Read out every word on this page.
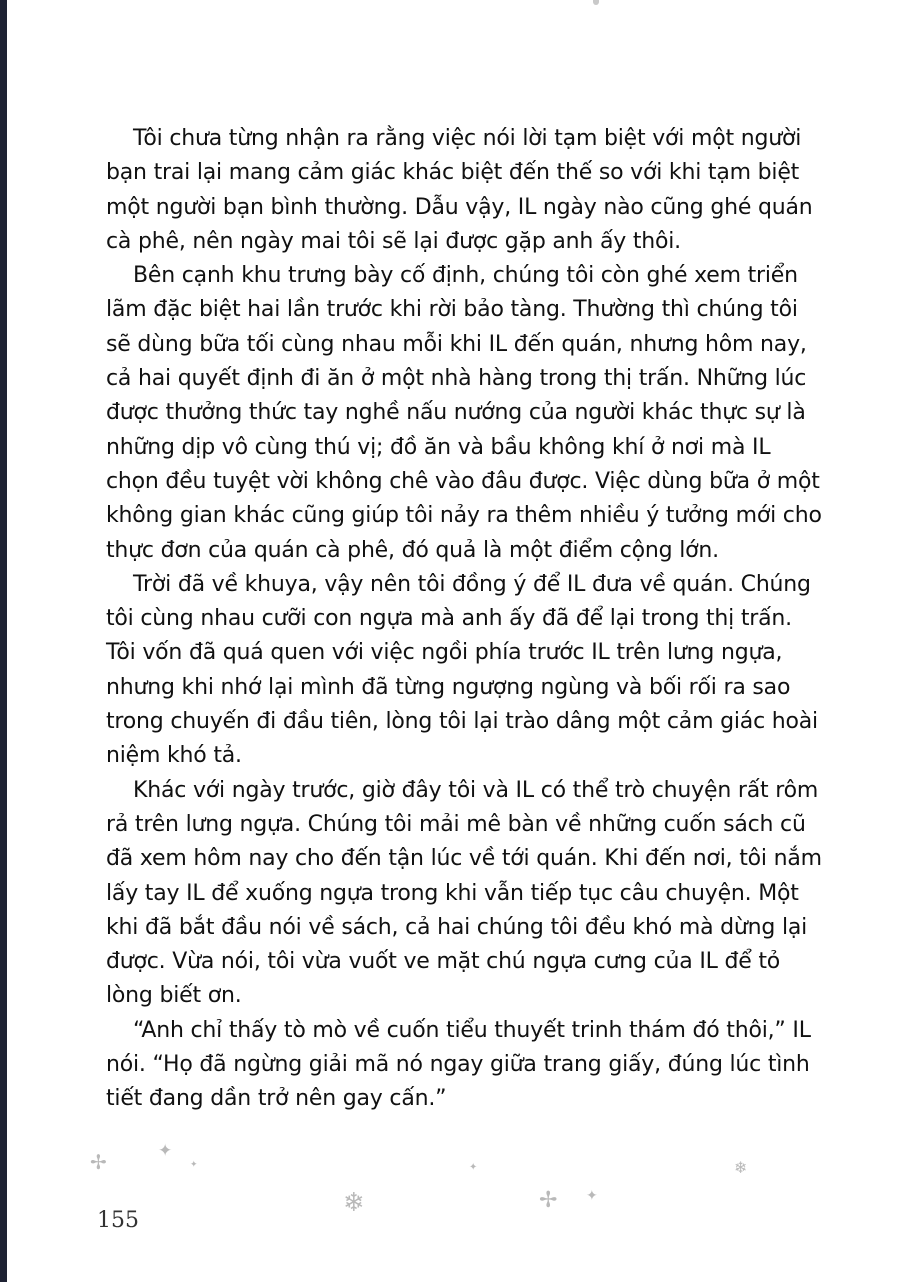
Tôi chưa từng nhận ra rằng việc nói lời tạm biệt với một người bạn trai lại mang cảm giác khác biệt đến thế so với khi tạm biệt một người bạn bình thường. Dẫu vậy, IL ngày nào cũng ghé quán cà phê, nên ngày mai tôi sẽ lại được gặp anh ấy thôi.

Bên cạnh khu trưng bày cố định, chúng tôi còn ghé xem triển lãm đặc biệt hai lần trước khi rời bảo tàng. Thường thì chúng tôi sẽ dùng bữa tối cùng nhau mỗi khi IL đến quán, nhưng hôm nay, cả hai quyết định đi ăn ở một nhà hàng trong thị trấn. Những lúc được thưởng thức tay nghề nấu nướng của người khác thực sự là những dịp vô cùng thú vị; đồ ăn và bầu không khí ở nơi mà IL chọn đều tuyệt vời không chê vào đâu được. Việc dùng bữa ở một không gian khác cũng giúp tôi nảy ra thêm nhiều ý tưởng mới cho thực đơn của quán cà phê, đó quả là một điểm cộng lớn.

Trời đã về khuya, vậy nên tôi đồng ý để IL đưa về quán. Chúng tôi cùng nhau cưỡi con ngựa mà anh ấy đã để lại trong thị trấn. Tôi vốn đã quá quen với việc ngồi phía trước IL trên lưng ngựa, nhưng khi nhớ lại mình đã từng ngượng ngùng và bối rối ra sao trong chuyến đi đầu tiên, lòng tôi lại trào dâng một cảm giác hoài niệm khó tả.

Khác với ngày trước, giờ đây tôi và IL có thể trò chuyện rất rôm rả trên lưng ngựa. Chúng tôi mải mê bàn về những cuốn sách cũ đã xem hôm nay cho đến tận lúc về tới quán. Khi đến nơi, tôi nắm lấy tay IL để xuống ngựa trong khi vẫn tiếp tục câu chuyện. Một khi đã bắt đầu nói về sách, cả hai chúng tôi đều khó mà dừng lại được. Vừa nói, tôi vừa vuốt ve mặt chú ngựa cưng của IL để tỏ lòng biết ơn.

“Anh chỉ thấy tò mò về cuốn tiểu thuyết trinh thám đó thôi,” IL nói. “Họ đã ngừng giải mã nó ngay giữa trang giấy, đúng lúc tình tiết đang dần trở nên gay cấn.”

✢	✦
✦
❄
✦
✢ ✦
❄
155
